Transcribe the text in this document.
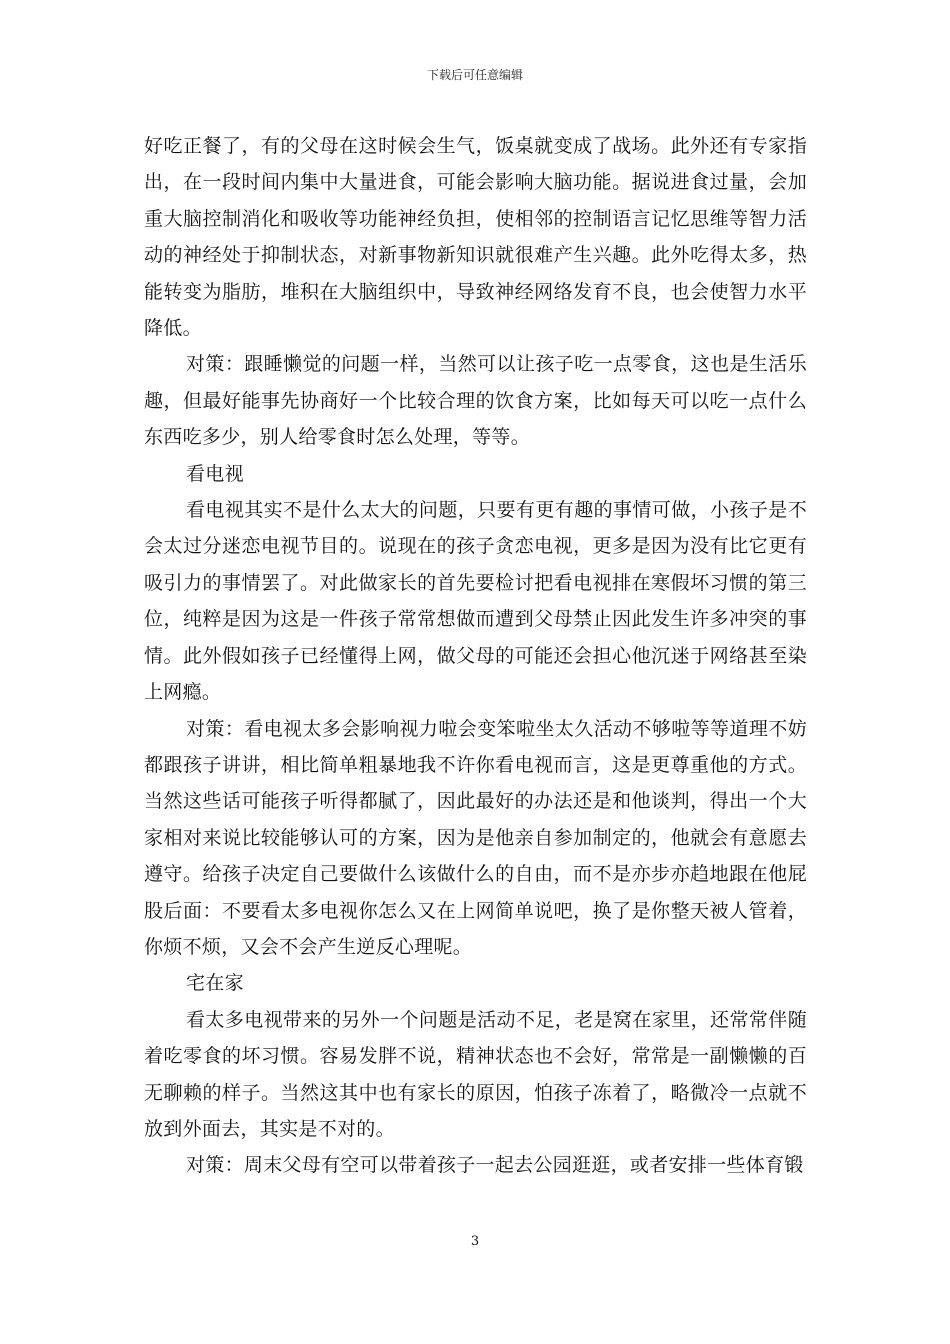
下载后可任意编辑

好吃正餐了，有的父母在这时候会生气，饭桌就变成了战场。此外还有专家指出，在一段时间内集中大量进食，可能会影响大脑功能。据说进食过量，会加重大脑控制消化和吸收等功能神经负担，使相邻的控制语言记忆思维等智力活动的神经处于抑制状态，对新事物新知识就很难产生兴趣。此外吃得太多，热能转变为脂肪，堆积在大脑组织中，导致神经网络发育不良，也会使智力水平降低。

对策：跟睡懒觉的问题一样，当然可以让孩子吃一点零食，这也是生活乐趣，但最好能事先协商好一个比较合理的饮食方案，比如每天可以吃一点什么东西吃多少，别人给零食时怎么处理，等等。

看电视

看电视其实不是什么太大的问题，只要有更有趣的事情可做，小孩子是不会太过分迷恋电视节目的。说现在的孩子贪恋电视，更多是因为没有比它更有吸引力的事情罢了。对此做家长的首先要检讨把看电视排在寒假坏习惯的第三位，纯粹是因为这是一件孩子常常想做而遭到父母禁止因此发生许多冲突的事情。此外假如孩子已经懂得上网，做父母的可能还会担心他沉迷于网络甚至染上网瘾。

对策：看电视太多会影响视力啦会变笨啦坐太久活动不够啦等等道理不妨都跟孩子讲讲，相比简单粗暴地我不许你看电视而言，这是更尊重他的方式。当然这些话可能孩子听得都腻了，因此最好的办法还是和他谈判，得出一个大家相对来说比较能够认可的方案，因为是他亲自参加制定的，他就会有意愿去遵守。给孩子决定自己要做什么该做什么的自由，而不是亦步亦趋地跟在他屁股后面：不要看太多电视你怎么又在上网简单说吧，换了是你整天被人管着，你烦不烦，又会不会产生逆反心理呢。

宅在家

看太多电视带来的另外一个问题是活动不足，老是窝在家里，还常常伴随着吃零食的坏习惯。容易发胖不说，精神状态也不会好，常常是一副懒懒的百无聊赖的样子。当然这其中也有家长的原因，怕孩子冻着了，略微冷一点就不放到外面去，其实是不对的。

对策：周末父母有空可以带着孩子一起去公园逛逛，或者安排一些体育锻

3
